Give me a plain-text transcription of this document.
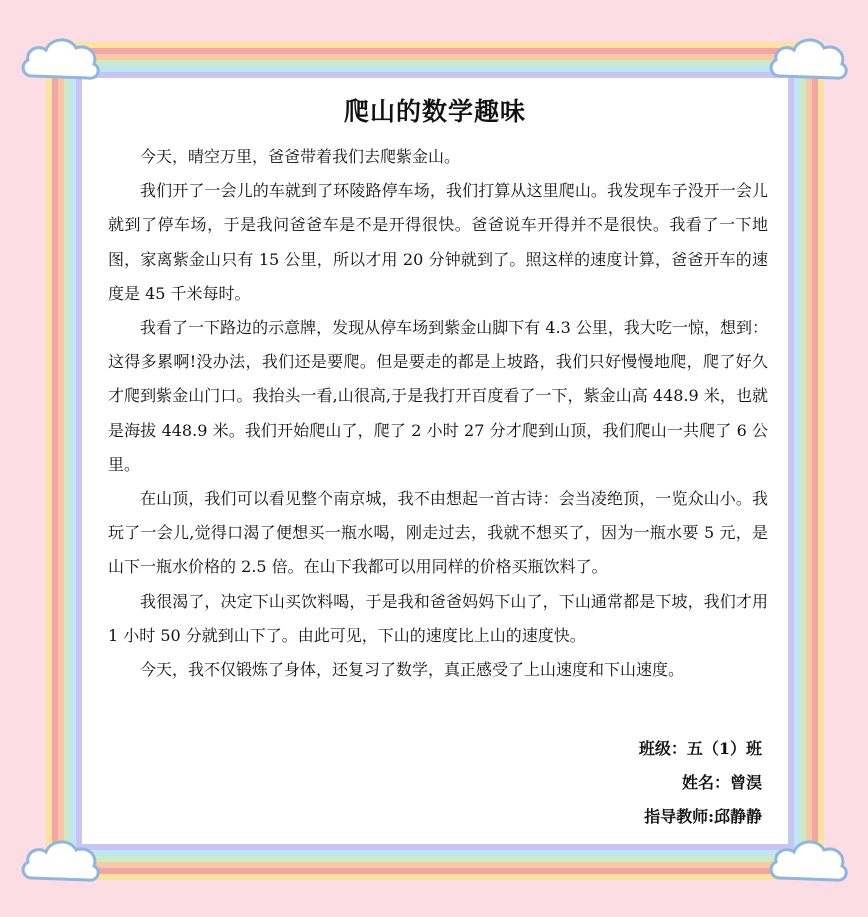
爬山的数学趣味

今天，晴空万里，爸爸带着我们去爬紫金山。

我们开了一会儿的车就到了环陵路停车场，我们打算从这里爬山。我发现车子没开一会儿就到了停车场，于是我问爸爸车是不是开得很快。爸爸说车开得并不是很快。我看了一下地图，家离紫金山只有 15 公里，所以才用 20 分钟就到了。照这样的速度计算，爸爸开车的速度是 45 千米每时。

我看了一下路边的示意牌，发现从停车场到紫金山脚下有 4.3 公里，我大吃一惊，想到：这得多累啊!没办法，我们还是要爬。但是要走的都是上坡路，我们只好慢慢地爬，爬了好久才爬到紫金山门口。我抬头一看,山很高,于是我打开百度看了一下，紫金山高 448.9 米，也就是海拔 448.9 米。我们开始爬山了，爬了 2 小时 27 分才爬到山顶，我们爬山一共爬了 6 公里。

在山顶，我们可以看见整个南京城，我不由想起一首古诗：会当凌绝顶，一览众山小。我玩了一会儿,觉得口渴了便想买一瓶水喝，刚走过去，我就不想买了，因为一瓶水要 5 元，是山下一瓶水价格的 2.5 倍。在山下我都可以用同样的价格买瓶饮料了。

我很渴了，决定下山买饮料喝，于是我和爸爸妈妈下山了，下山通常都是下坡，我们才用 1 小时 50 分就到山下了。由此可见，下山的速度比上山的速度快。

今天，我不仅锻炼了身体，还复习了数学，真正感受了上山速度和下山速度。

班级：五（1）班
姓名：曾淏
指导教师:邱静静
